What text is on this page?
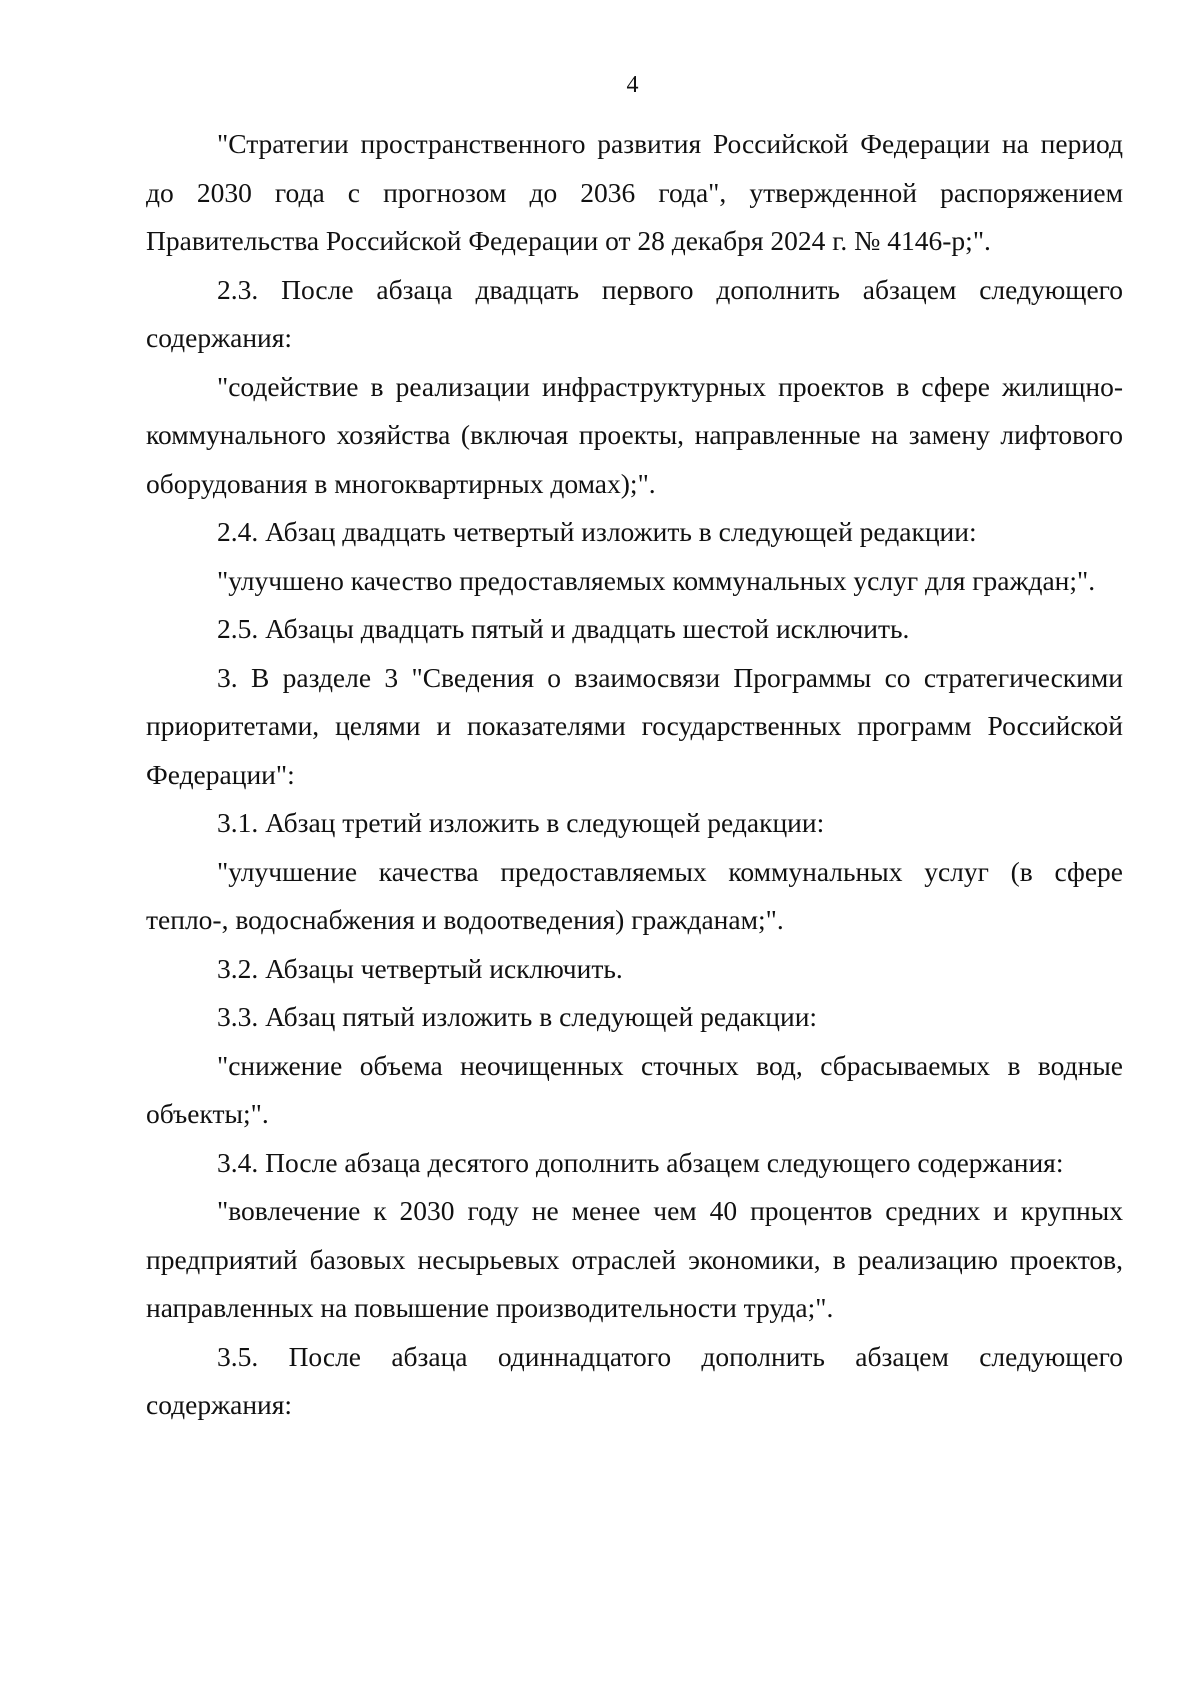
4

"Стратегии пространственного развития Российской Федерации на период до 2030 года с прогнозом до 2036 года", утвержденной распоряжением Правительства Российской Федерации от 28 декабря 2024 г. № 4146-р;".

2.3. После абзаца двадцать первого дополнить абзацем следующего содержания:

"содействие в реализации инфраструктурных проектов в сфере жилищно-коммунального хозяйства (включая проекты, направленные на замену лифтового оборудования в многоквартирных домах);".

2.4. Абзац двадцать четвертый изложить в следующей редакции:

"улучшено качество предоставляемых коммунальных услуг для граждан;".

2.5. Абзацы двадцать пятый и двадцать шестой исключить.

3. В разделе 3 "Сведения о взаимосвязи Программы со стратегическими приоритетами, целями и показателями государственных программ Российской Федерации":

3.1. Абзац третий изложить в следующей редакции:

"улучшение качества предоставляемых коммунальных услуг (в сфере тепло-, водоснабжения и водоотведения) гражданам;".

3.2. Абзацы четвертый исключить.

3.3. Абзац пятый изложить в следующей редакции:

"снижение объема неочищенных сточных вод, сбрасываемых в водные объекты;".

3.4. После абзаца десятого дополнить абзацем следующего содержания:

"вовлечение к 2030 году не менее чем 40 процентов средних и крупных предприятий базовых несырьевых отраслей экономики, в реализацию проектов, направленных на повышение производительности труда;".

3.5. После абзаца одиннадцатого дополнить абзацем следующего содержания:
